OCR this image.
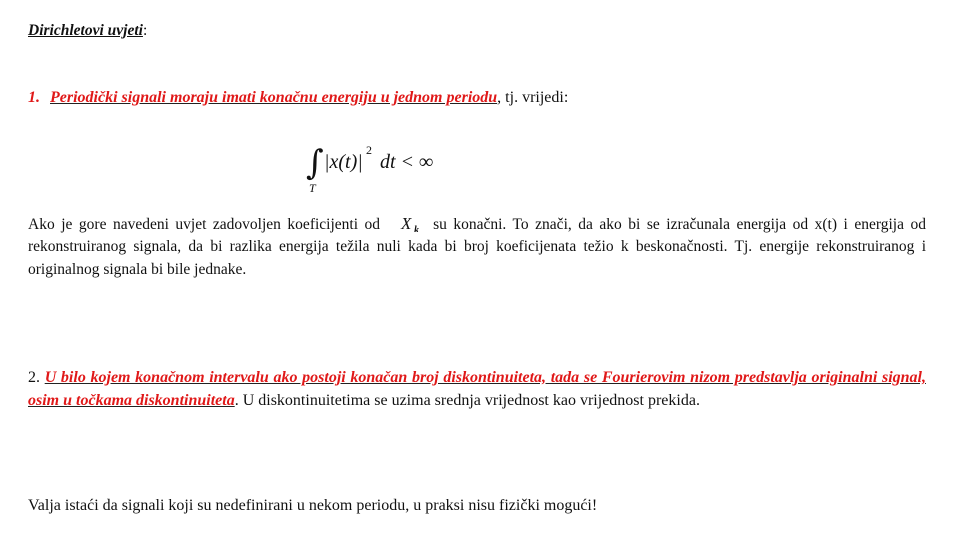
Dirichletovi uvjeti:
1. Periodički signali moraju imati konačnu energiju u jednom periodu, tj. vrijedi:
∫
T
|x(t)|
2
dt < ∞
Ako je gore navedeni uvjet zadovoljen koeficijenti od X k su konačni. To znači, da ako bi se izračunala energija od x(t) i energija od rekonstruiranog signala, da bi razlika energija težila nuli kada bi broj koeficijenata težio k beskonačnosti. Tj. energije rekonstruiranog i originalnog signala bi bile jednake.
2. U bilo kojem konačnom intervalu ako postoji konačan broj diskontinuiteta, tada se Fourierovim nizom predstavlja originalni signal, osim u točkama diskontinuiteta. U diskontinuitetima se uzima srednja vrijednost kao vrijednost prekida.
Valja istaći da signali koji su nedefinirani u nekom periodu, u praksi nisu fizički mogući!
